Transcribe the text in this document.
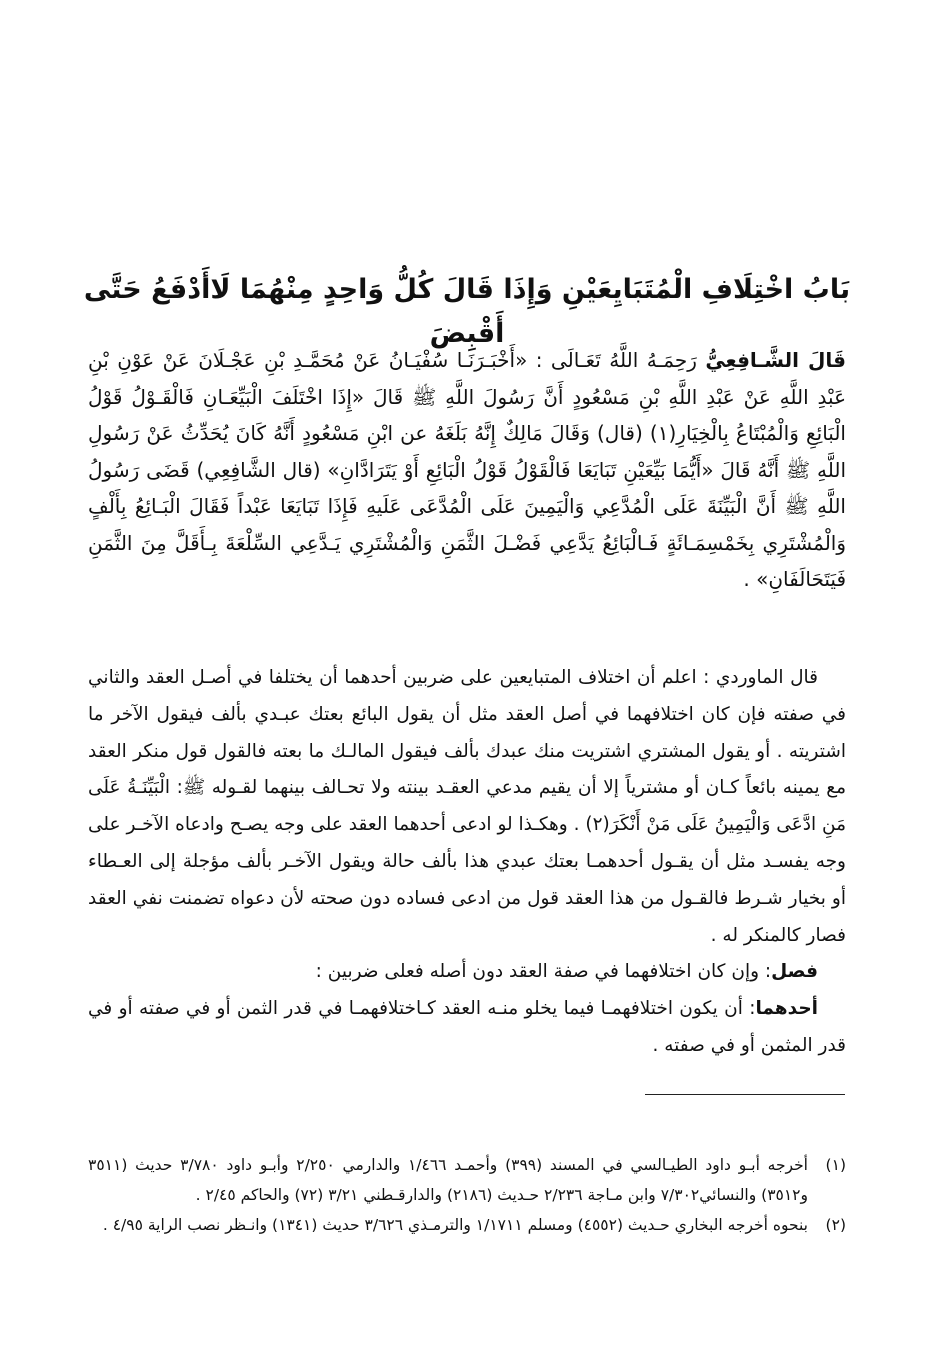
بَابُ اخْتِلَافِ الْمُتَبَايِعَيْنِ وَإِذَا قَالَ كُلُّ وَاحِدٍ مِنْهُمَا لَاأَدْفَعُ حَتَّى أَقْبِضَ

قَالَ الشَّـافِعِيُّ رَحِمَـهُ اللَّهُ تَعَـالَى : «أَخْبَـرَنَـا سُفْيَـانُ عَنْ مُحَمَّـدِ بْنِ عَجْـلَانَ عَنْ عَوْنِ بْنِ عَبْدِ اللَّهِ عَنْ عَبْدِ اللَّهِ بْنِ مَسْعُودٍ أَنَّ رَسُولَ اللَّهِ ﷺ قَالَ «إِذَا اخْتَلَفَ الْبَيِّعَـانِ فَالْقَـوْلُ قَوْلُ الْبَائِعِ وَالْمُبْتَاعُ بِالْخِيَارِ(١) (قال) وَقَالَ مَالِكٌ إِنَّهُ بَلَغَهُ عن ابْنِ مَسْعُودٍ أَنَّهُ كَانَ يُحَدِّثُ عَنْ رَسُولِ اللَّهِ ﷺ أَنَّهُ قَالَ «أَيُّمَا بَيِّعَيْنِ تَبَايَعَا فَالْقَوْلُ قَوْلُ الْبَائِعِ أَوْ يَتَرَادَّانِ» (قال الشَّافِعِي) قَضَى رَسُولُ اللَّهِ ﷺ أَنَّ الْبَيِّنَةَ عَلَى الْمُدَّعِي وَالْيَمِينَ عَلَى الْمُدَّعَى عَلَيهِ فَإِذَا تَبَايَعَا عَبْداً فَقَالَ الْبَـائِعُ بِأَلْفٍ وَالْمُشْتَرِي بِخَمْسِمَـائَةٍ فَـالْبَائِعُ يَدَّعِي فَضْـلَ الثَّمَنِ وَالْمُشْتَرِي يَـدَّعِي السِّلْعَةَ بِـأَقَلَّ مِنَ الثَّمَنِ فَيَتَحَالَفَانِ» .

قال الماوردي : اعلم أن اختلاف المتبايعين على ضربين أحدهما أن يختلفا في أصـل العقد والثاني في صفته فإن كان اختلافهما في أصل العقد مثل أن يقول البائع بعتك عبـدي بألف فيقول الآخر ما اشتريته . أو يقول المشتري اشتريت منك عبدك بألف فيقول المالـك ما بعته فالقول قول منكر العقد مع يمينه بائعاً كـان أو مشترياً إلا أن يقيم مدعي العقـد بينته ولا تحـالف بينهما لقـوله ﷺ: الْبَيِّنَـةُ عَلَى مَنِ ادَّعَى وَالْيَمِينُ عَلَى مَنْ أَنْكَرَ(٢) . وهكـذا لو ادعى أحدهما العقد على وجه يصـح وادعاه الآخـر على وجه يفسـد مثل أن يقـول أحدهمـا بعتك عبدي هذا بألف حالة ويقول الآخـر بألف مؤجلة إلى العـطاء أو بخيار شـرط فالقـول من هذا العقد قول من ادعى فساده دون صحته لأن دعواه تضمنت نفي العقد فصار كالمنكر له .

فصل: وإن كان اختلافهما في صفة العقد دون أصله فعلى ضربين :

أحدهما: أن يكون اختلافهمـا فيما يخلو منـه العقد كـاختلافهمـا في قدر الثمن أو في صفته أو في قدر المثمن أو في صفته .

(١)
أخرجه أبـو داود الطيـالسي في المسند (٣٩٩) وأحمـد ١/٤٦٦ والدارمي ٢/٢٥٠ وأبـو داود ٣/٧٨٠ حديث (٣٥١١ و٣٥١٢) والنسائي٧/٣٠٢ وابن مـاجة ٢/٢٣٦ حـديث (٢١٨٦) والدارقـطني ٣/٢١ (٧٢) والحاكم ٢/٤٥ .
(٢)
بنحوه أخرجه البخاري حـديث (٤٥٥٢) ومسلم ١/١٧١١ والترمـذي ٣/٦٢٦ حديث (١٣٤١) وانـظر نصب الراية ٤/٩٥ .
